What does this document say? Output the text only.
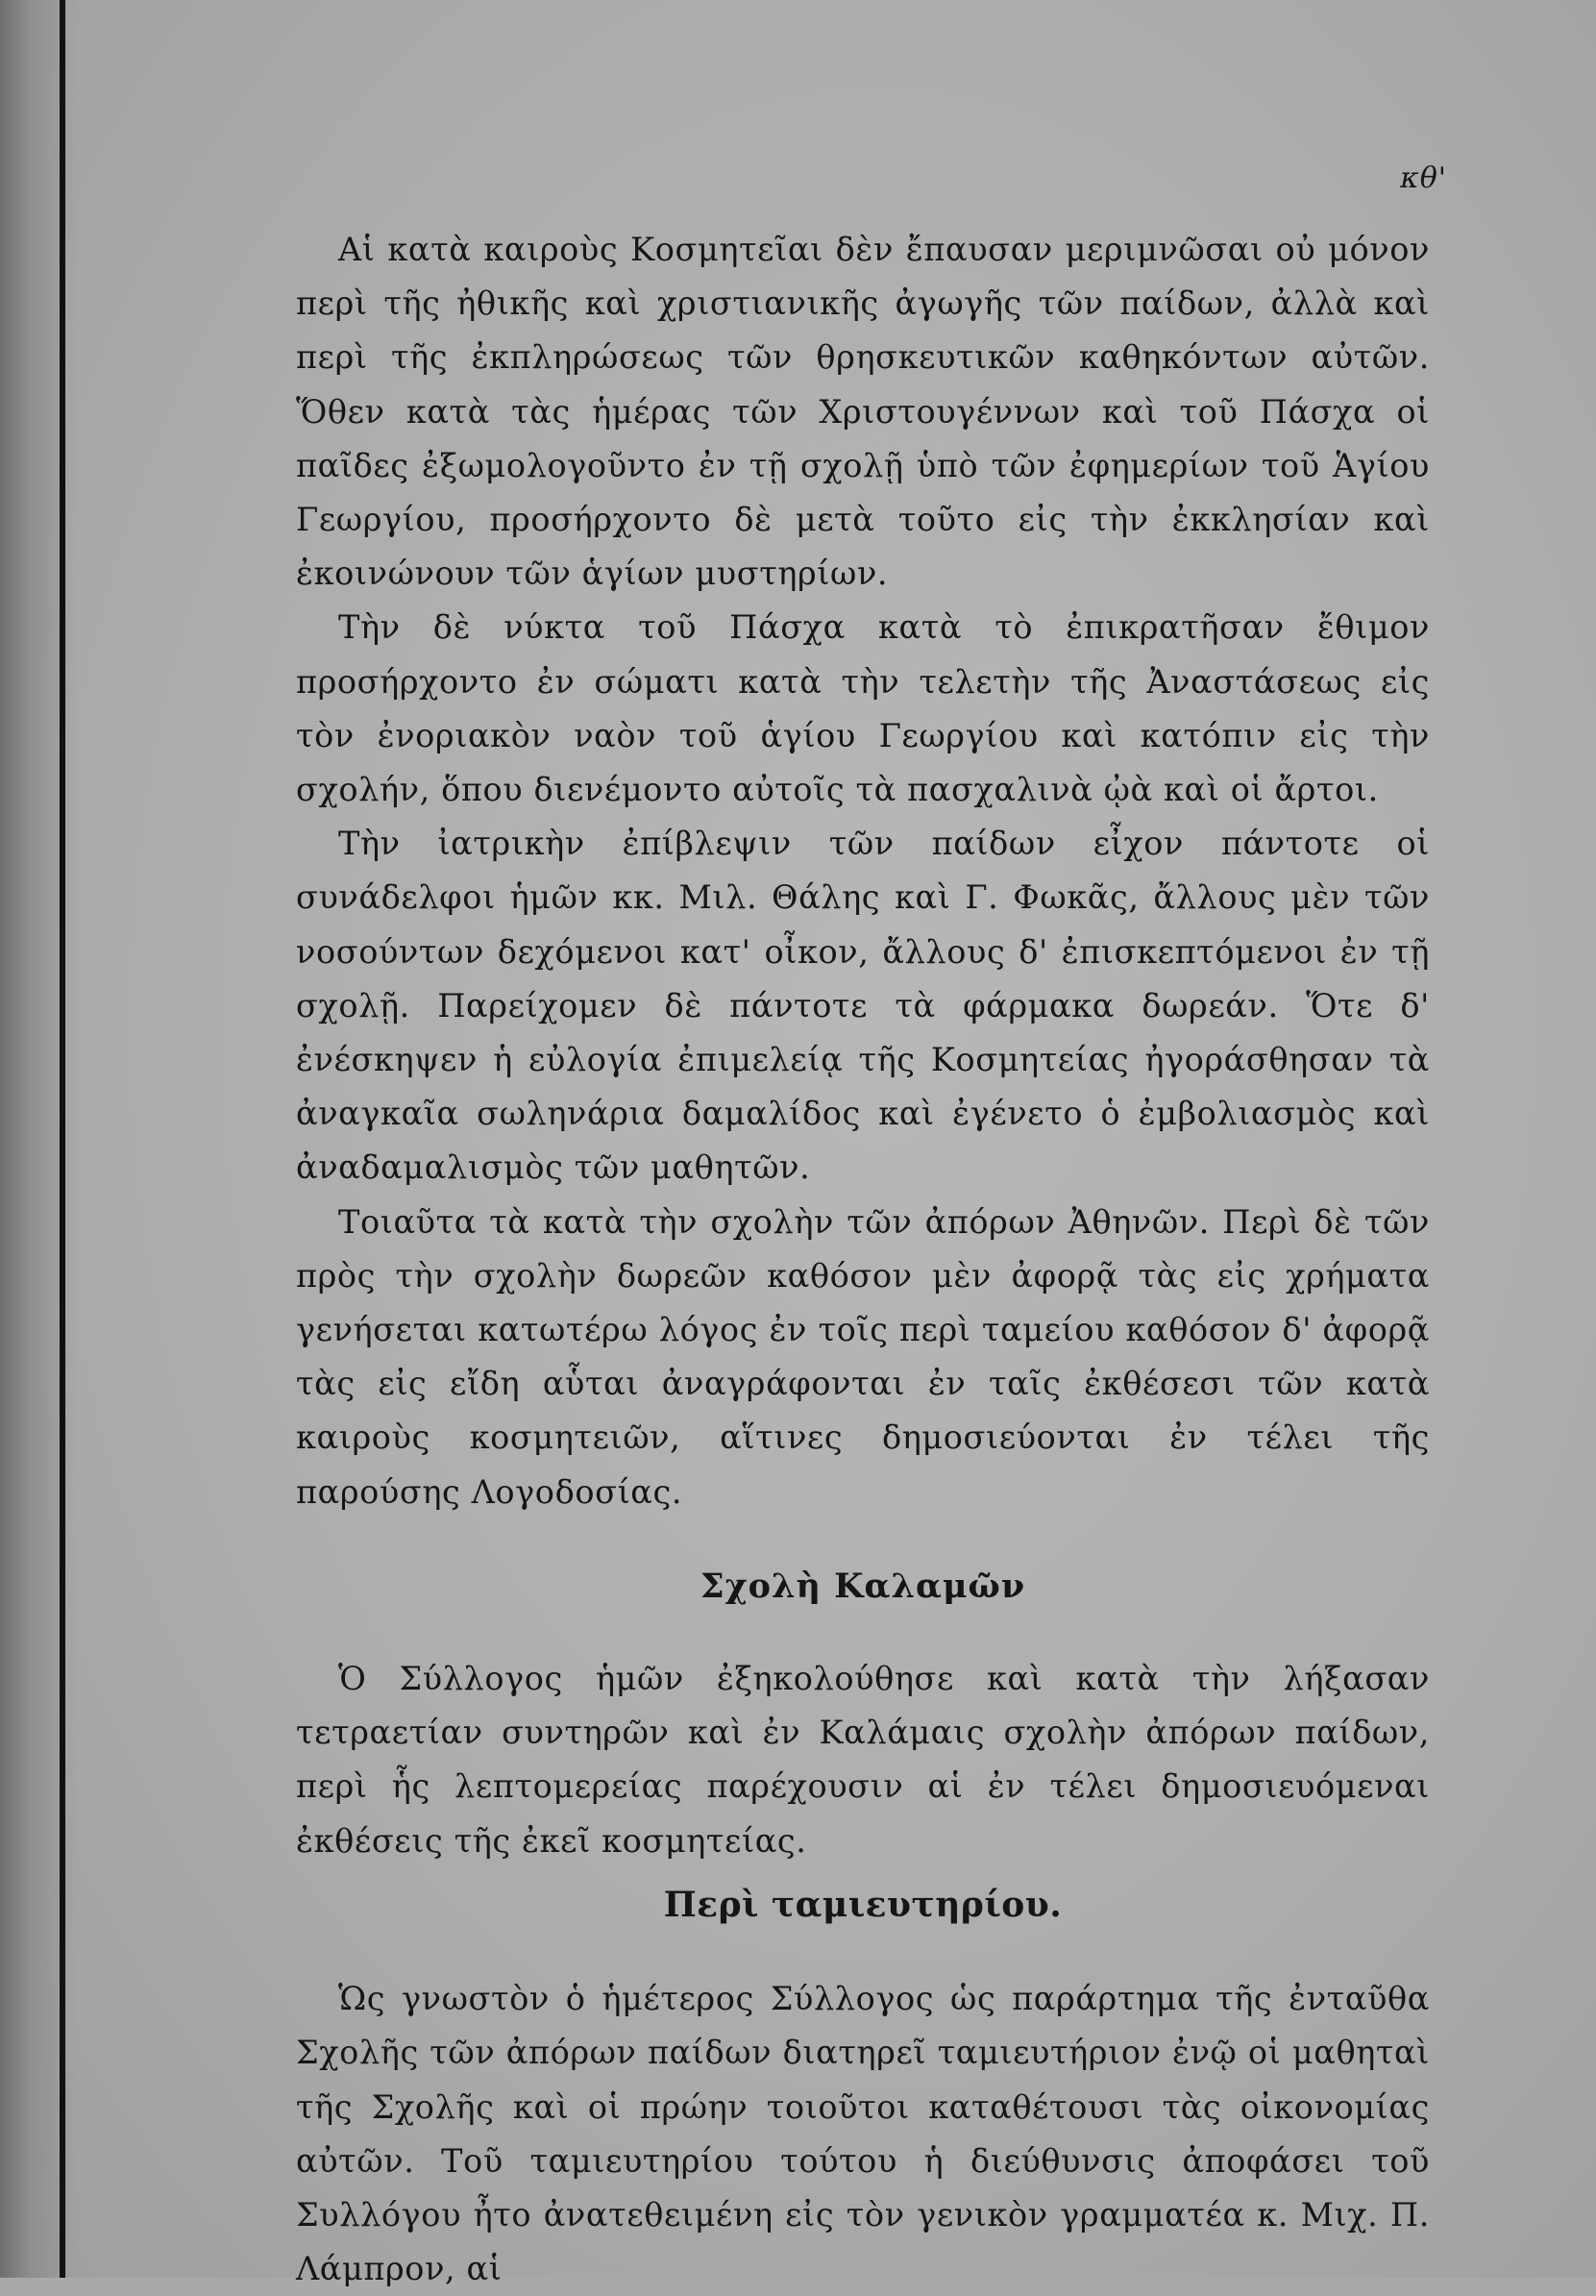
κθ'

Αἱ κατὰ καιροὺς Κοσμητεῖαι δὲν ἔπαυσαν μεριμνῶσαι οὐ μόνον περὶ τῆς ἠθικῆς καὶ χριστιανικῆς ἀγωγῆς τῶν παίδων, ἀλλὰ καὶ περὶ τῆς ἐκπληρώσεως τῶν θρησκευτικῶν καθηκόντων αὐτῶν. Ὅθεν κατὰ τὰς ἡμέρας τῶν Χριστουγέννων καὶ τοῦ Πάσχα οἱ παῖδες ἐξωμολογοῦντο ἐν τῇ σχολῇ ὑπὸ τῶν ἐφημερίων τοῦ Ἁγίου Γεωργίου, προσήρχοντο δὲ μετὰ τοῦτο εἰς τὴν ἐκκλησίαν καὶ ἐκοινώνουν τῶν ἁγίων μυστηρίων.

Τὴν δὲ νύκτα τοῦ Πάσχα κατὰ τὸ ἐπικρατῆσαν ἔθιμον προσήρχοντο ἐν σώματι κατὰ τὴν τελετὴν τῆς Ἀναστάσεως εἰς τὸν ἐνοριακὸν ναὸν τοῦ ἁγίου Γεωργίου καὶ κατόπιν εἰς τὴν σχολήν, ὅπου διενέμοντο αὐτοῖς τὰ πασχαλινὰ ᾠὰ καὶ οἱ ἄρτοι.

Τὴν ἰατρικὴν ἐπίβλεψιν τῶν παίδων εἶχον πάντοτε οἱ συνάδελφοι ἡμῶν κκ. Μιλ. Θάλης καὶ Γ. Φωκᾶς, ἄλλους μὲν τῶν νοσούντων δεχόμενοι κατ' οἶκον, ἄλλους δ' ἐπισκεπτόμενοι ἐν τῇ σχολῇ. Παρείχομεν δὲ πάντοτε τὰ φάρμακα δωρεάν. Ὅτε δ' ἐνέσκηψεν ἡ εὐλογία ἐπιμελείᾳ τῆς Κοσμητείας ἠγοράσθησαν τὰ ἀναγκαῖα σωληνάρια δαμαλίδος καὶ ἐγένετο ὁ ἐμβολιασμὸς καὶ ἀναδαμαλισμὸς τῶν μαθητῶν.

Τοιαῦτα τὰ κατὰ τὴν σχολὴν τῶν ἀπόρων Ἀθηνῶν. Περὶ δὲ τῶν πρὸς τὴν σχολὴν δωρεῶν καθόσον μὲν ἀφορᾷ τὰς εἰς χρήματα γενήσεται κατωτέρω λόγος ἐν τοῖς περὶ ταμείου καθόσον δ' ἀφορᾷ τὰς εἰς εἴδη αὗται ἀναγράφονται ἐν ταῖς ἐκθέσεσι τῶν κατὰ καιροὺς κοσμητειῶν, αἵτινες δημοσιεύονται ἐν τέλει τῆς παρούσης Λογοδοσίας.

Σχολὴ Καλαμῶν

Ὁ Σύλλογος ἡμῶν ἐξηκολούθησε καὶ κατὰ τὴν λήξασαν τετραετίαν συντηρῶν καὶ ἐν Καλάμαις σχολὴν ἀπόρων παίδων, περὶ ἧς λεπτομερείας παρέχουσιν αἱ ἐν τέλει δημοσιευόμεναι ἐκθέσεις τῆς ἐκεῖ κοσμητείας.

Περὶ ταμιευτηρίου.

Ὡς γνωστὸν ὁ ἡμέτερος Σύλλογος ὡς παράρτημα τῆς ἐνταῦθα Σχολῆς τῶν ἀπόρων παίδων διατηρεῖ ταμιευτήριον ἐνῷ οἱ μαθηταὶ τῆς Σχολῆς καὶ οἱ πρώην τοιοῦτοι καταθέτουσι τὰς οἰκονομίας αὐτῶν. Τοῦ ταμιευτηρίου τούτου ἡ διεύθυνσις ἀποφάσει τοῦ Συλλόγου ἦτο ἀνατεθειμένη εἰς τὸν γενικὸν γραμματέα κ. Μιχ. Π. Λάμπρον, αἱ
